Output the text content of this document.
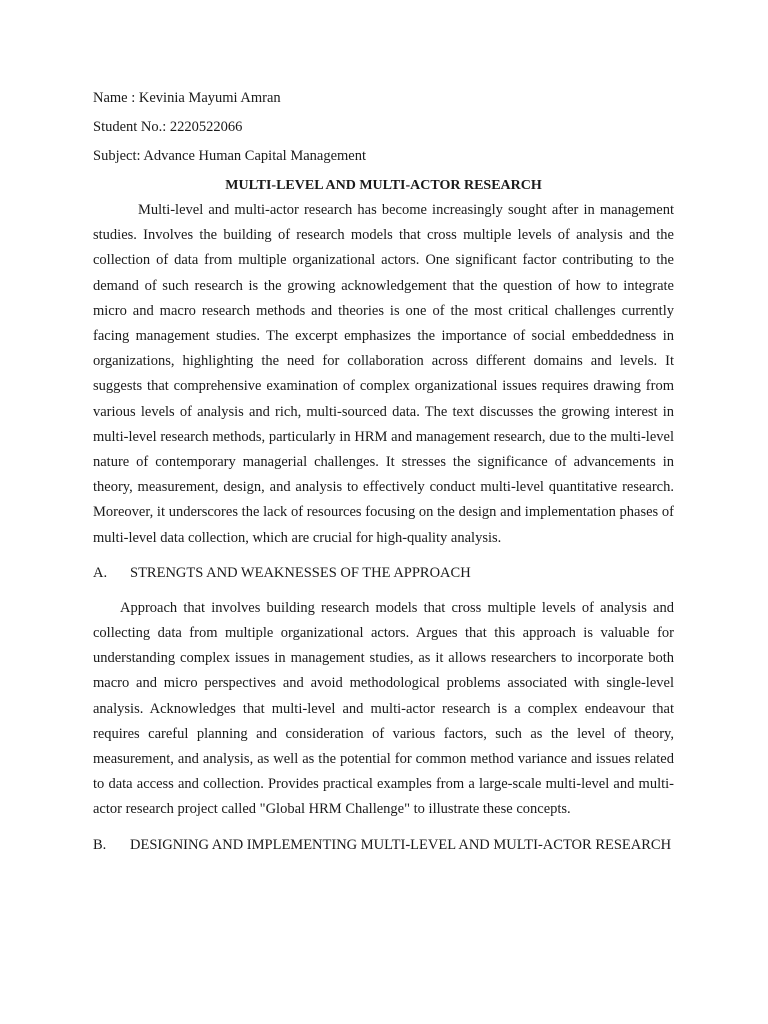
Name : Kevinia Mayumi Amran

Student No.: 2220522066

Subject: Advance Human Capital Management

MULTI-LEVEL AND MULTI-ACTOR RESEARCH

Multi-level and multi-actor research has become increasingly sought after in management studies. Involves the building of research models that cross multiple levels of analysis and the collection of data from multiple organizational actors. One significant factor contributing to the demand of such research is the growing acknowledgement that the question of how to integrate micro and macro research methods and theories is one of the most critical challenges currently facing management studies. The excerpt emphasizes the importance of social embeddedness in organizations, highlighting the need for collaboration across different domains and levels. It suggests that comprehensive examination of complex organizational issues requires drawing from various levels of analysis and rich, multi-sourced data. The text discusses the growing interest in multi-level research methods, particularly in HRM and management research, due to the multi-level nature of contemporary managerial challenges. It stresses the significance of advancements in theory, measurement, design, and analysis to effectively conduct multi-level quantitative research. Moreover, it underscores the lack of resources focusing on the design and implementation phases of multi-level data collection, which are crucial for high-quality analysis.

A.	STRENGTS AND WEAKNESSES OF THE APPROACH

Approach that involves building research models that cross multiple levels of analysis and collecting data from multiple organizational actors. Argues that this approach is valuable for understanding complex issues in management studies, as it allows researchers to incorporate both macro and micro perspectives and avoid methodological problems associated with single-level analysis. Acknowledges that multi-level and multi-actor research is a complex endeavour that requires careful planning and consideration of various factors, such as the level of theory, measurement, and analysis, as well as the potential for common method variance and issues related to data access and collection. Provides practical examples from a large-scale multi-level and multi-actor research project called "Global HRM Challenge" to illustrate these concepts.

B.	DESIGNING AND IMPLEMENTING MULTI-LEVEL AND MULTI-ACTOR RESEARCH
